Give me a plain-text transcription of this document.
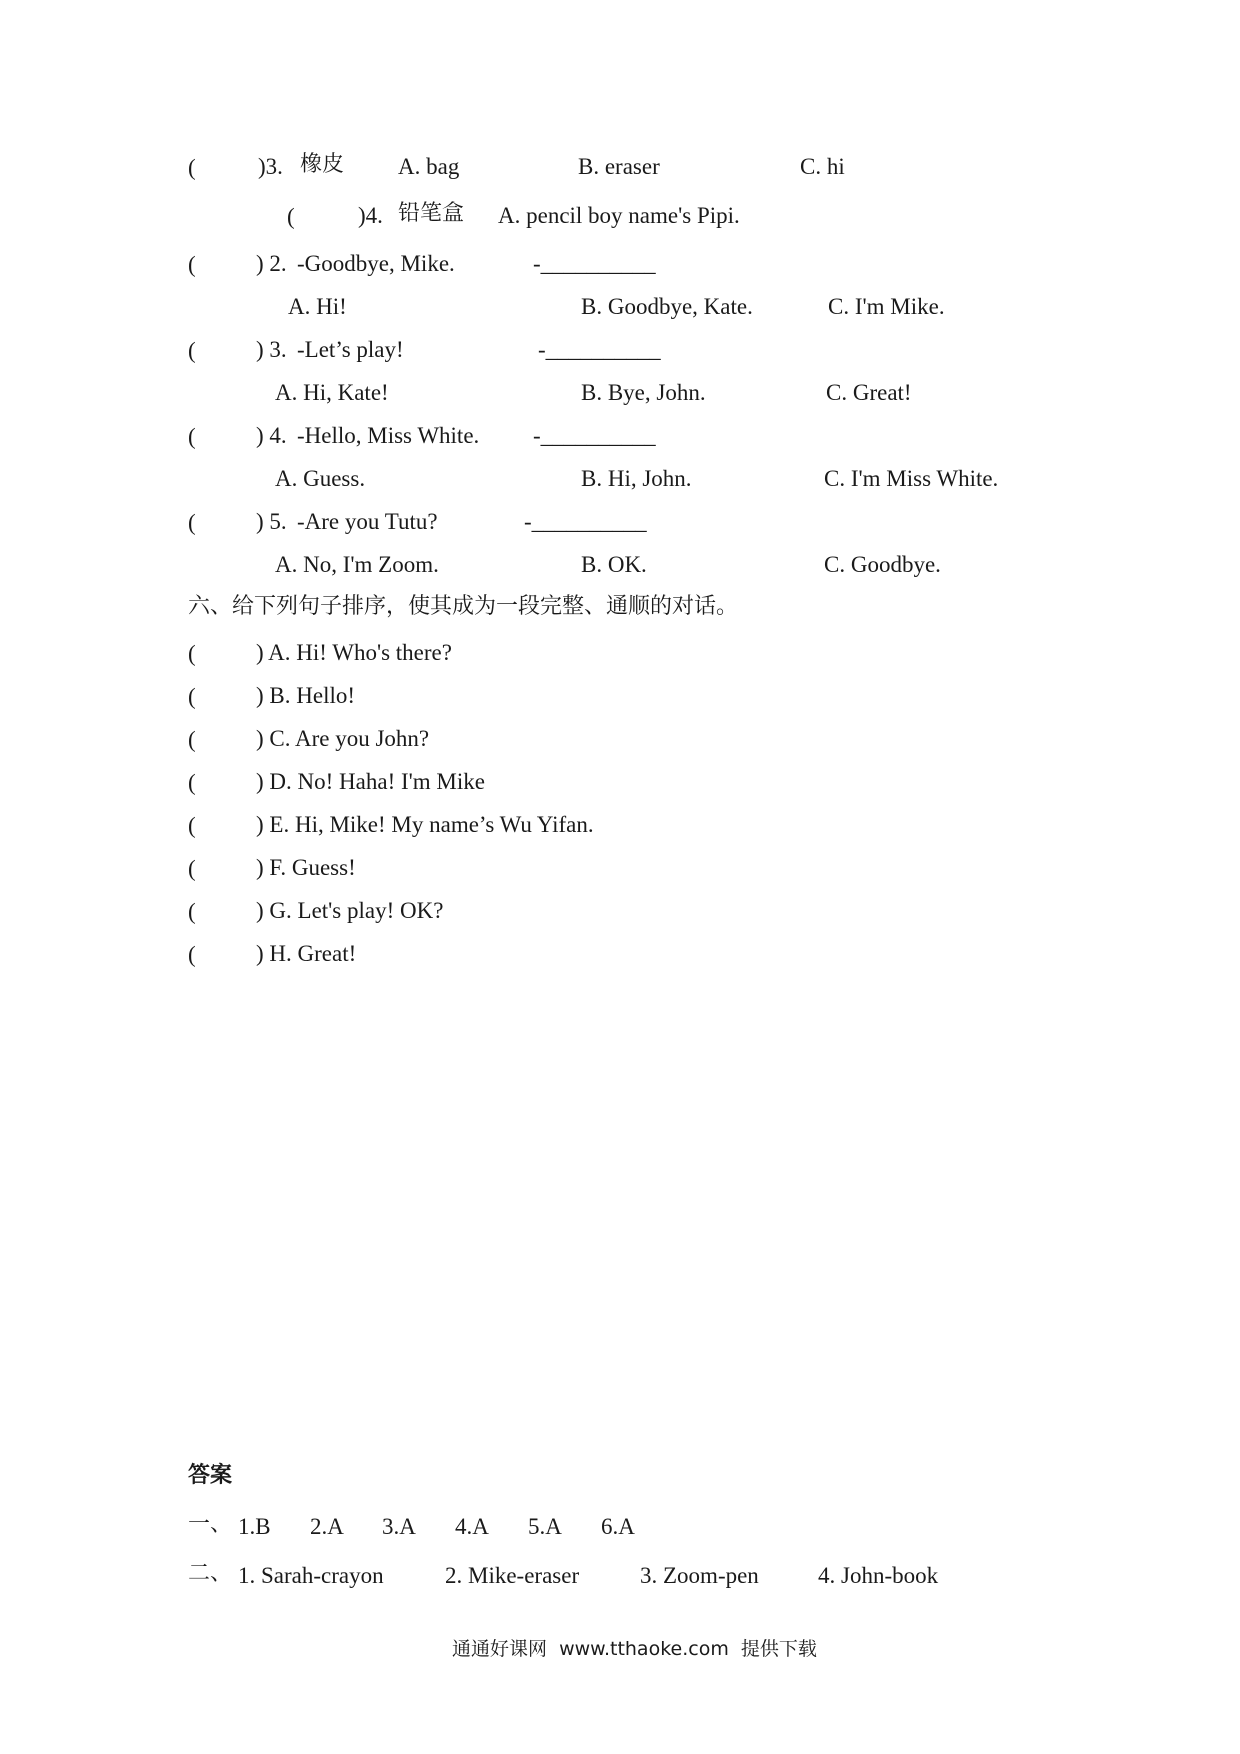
(	)3. 橡皮 A. bag	B. eraser	C. hi
(	)4. 铅笔盒 A. pencil boy name's Pipi.
(	) 2. -Goodbye, Mike.	-__________
A. Hi!	B. Goodbye, Kate.	C. I'm Mike.
(	) 3. -Let’s play!	-__________
A. Hi, Kate!	B. Bye, John.	C. Great!
(	) 4. -Hello, Miss White. -__________
A. Guess.	B. Hi, John.	C. I'm Miss White.
(	) 5. -Are you Tutu?	-__________
A. No, I'm Zoom.	B. OK.	C. Goodbye.
六、给下列句子排序，使其成为一段完整、通顺的对话。
(	) A. Hi! Who's there?
(	) B. Hello!
(	) C. Are you John?
(	) D. No! Haha! I'm Mike
(	) E. Hi, Mike! My name’s Wu Yifan.
(	) F. Guess!
(	) G. Let's play! OK?
(	) H. Great!
答案
一、 1.B 2.A 3.A 4.A 5.A 6.A
二、 1. Sarah-crayon	2. Mike-eraser	3. Zoom-pen	4. John-book
通通好课网  www.tthaoke.com  提供下载
